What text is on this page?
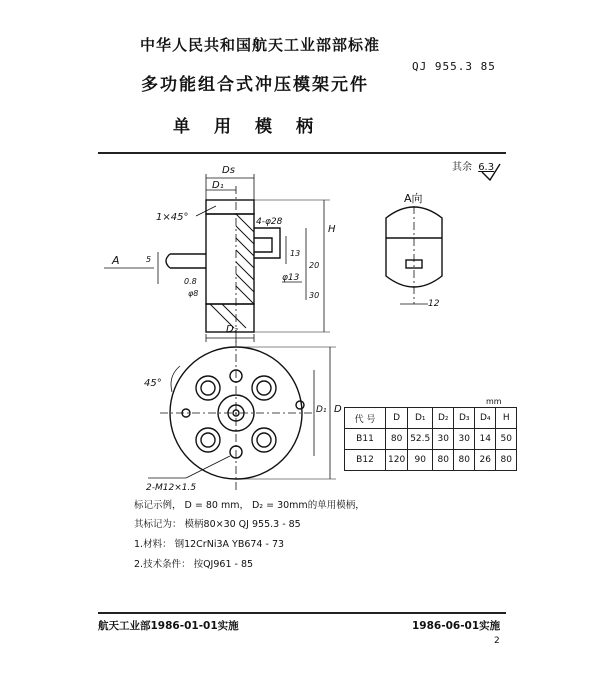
中华人民共和国航天工业部部标准
QJ 955.3 85
多功能组合式冲压模架元件
单用模柄
其余 6.3
Ds
D₁
1×45°	4-φ28
H
13
20
30
5
0.8	φ13
φ8
D₂
A向
12
A
45°
D
D₁
2-M12×1.5
mm
代 号	D	D₁	D₂	D₃	D₄	H
B11	80	52.5	30	30	14	50
B12	120	90	80	80	26	80
标记示例， D = 80 mm， D₂ = 30mm的单用模柄，
其标记为： 模柄80×30 QJ 955.3 - 85
1.材料： 钢12CrNi3A YB674 - 73
2.技术条件： 按QJ961 - 85
航天工业部1986-01-01实施	1986-06-01实施
2
